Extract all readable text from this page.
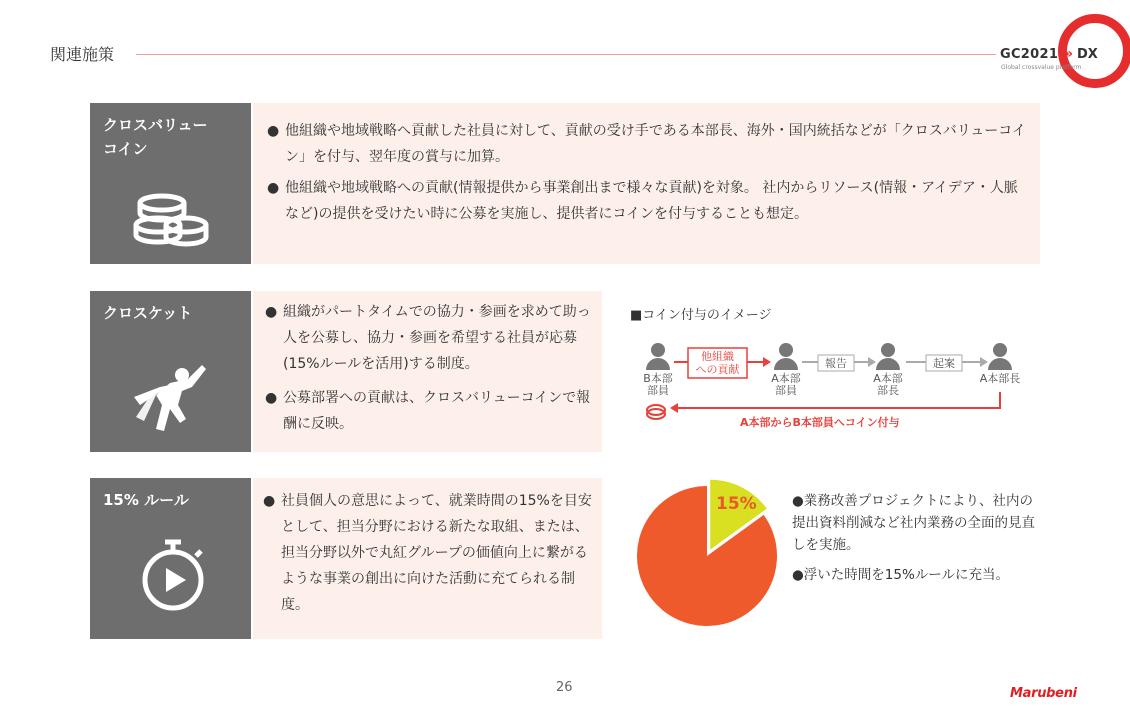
関連施策	GC2021 » DX
Global crossvalue platform
クロスバリュー
コイン
● 他組織や地域戦略へ貢献した社員に対して、貢献の受け手である本部長、海外・国内統括などが「クロスバリューコイン」を付与、翌年度の賞与に加算。
● 他組織や地域戦略への貢献(情報提供から事業創出まで様々な貢献)を対象。 社内からリソース(情報・アイデア・人脈など)の提供を受けたい時に公募を実施し、提供者にコインを付与することも想定。
クロスケット	● 組織がパートタイムでの協力・参画を求めて助っ人を公募し、協力・参画を希望する社員が応募 (15%ルールを活用)する制度。
● 公募部署への貢献は、クロスバリューコインで報酬に反映。
15% ルール	● 社員個人の意思によって、就業時間の15%を目安として、担当分野における新たな取組、または、担当分野以外で丸紅グループの価値向上に繋がるような事業の創出に向けた活動に充てられる制度。
■コイン付与のイメージ
他組織
への貢献	報告	起案
B本部
部員
A本部
部員
A本部
部長
A本部長
A本部からB本部員へコイン付与
15%	●業務改善プロジェクトにより、社内の提出資料削減など社内業務の全面的見直しを実施。
●浮いた時間を15%ルールに充当。
26	Marubeni
